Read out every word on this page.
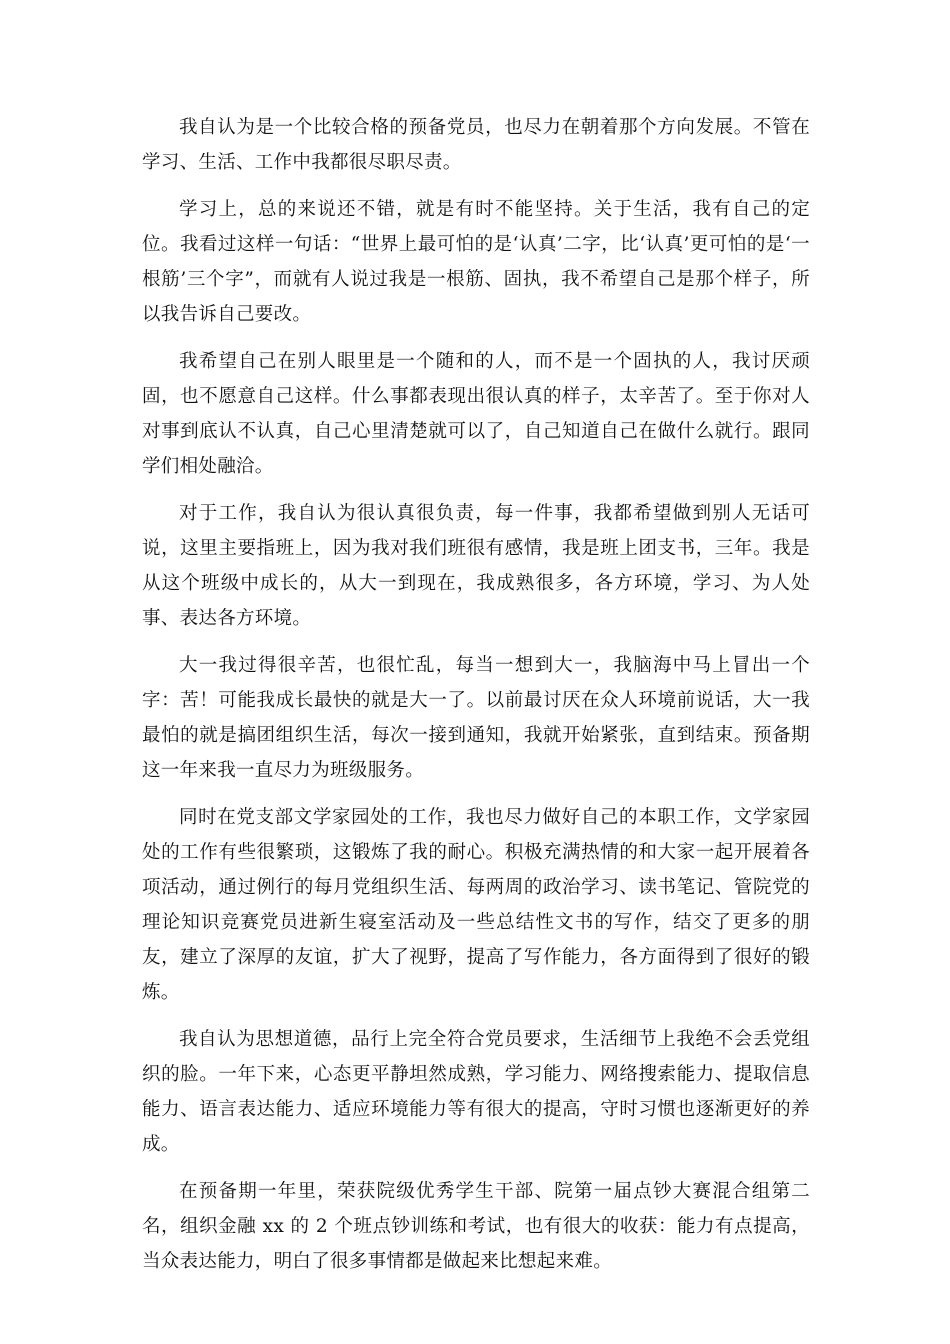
我自认为是一个比较合格的预备党员，也尽力在朝着那个方向发展。不管在学习、生活、工作中我都很尽职尽责。

学习上，总的来说还不错，就是有时不能坚持。关于生活，我有自己的定位。我看过这样一句话：“世界上最可怕的是‘认真’二字，比‘认真’更可怕的是‘一根筋’三个字”，而就有人说过我是一根筋、固执，我不希望自己是那个样子，所以我告诉自己要改。

我希望自己在别人眼里是一个随和的人，而不是一个固执的人，我讨厌顽固，也不愿意自己这样。什么事都表现出很认真的样子，太辛苦了。至于你对人对事到底认不认真，自己心里清楚就可以了，自己知道自己在做什么就行。跟同学们相处融洽。

对于工作，我自认为很认真很负责，每一件事，我都希望做到别人无话可说，这里主要指班上，因为我对我们班很有感情，我是班上团支书，三年。我是从这个班级中成长的，从大一到现在，我成熟很多，各方环境，学习、为人处事、表达各方环境。

大一我过得很辛苦，也很忙乱，每当一想到大一，我脑海中马上冒出一个字：苦！可能我成长最快的就是大一了。以前最讨厌在众人环境前说话，大一我最怕的就是搞团组织生活，每次一接到通知，我就开始紧张，直到结束。预备期这一年来我一直尽力为班级服务。

同时在党支部文学家园处的工作，我也尽力做好自己的本职工作，文学家园处的工作有些很繁琐，这锻炼了我的耐心。积极充满热情的和大家一起开展着各项活动，通过例行的每月党组织生活、每两周的政治学习、读书笔记、管院党的理论知识竞赛党员进新生寝室活动及一些总结性文书的写作，结交了更多的朋友，建立了深厚的友谊，扩大了视野，提高了写作能力，各方面得到了很好的锻炼。

我自认为思想道德，品行上完全符合党员要求，生活细节上我绝不会丢党组织的脸。一年下来，心态更平静坦然成熟，学习能力、网络搜索能力、提取信息能力、语言表达能力、适应环境能力等有很大的提高，守时习惯也逐渐更好的养成。

在预备期一年里，荣获院级优秀学生干部、院第一届点钞大赛混合组第二名，组织金融 xx 的 2 个班点钞训练和考试，也有很大的收获：能力有点提高，当众表达能力，明白了很多事情都是做起来比想起来难。
